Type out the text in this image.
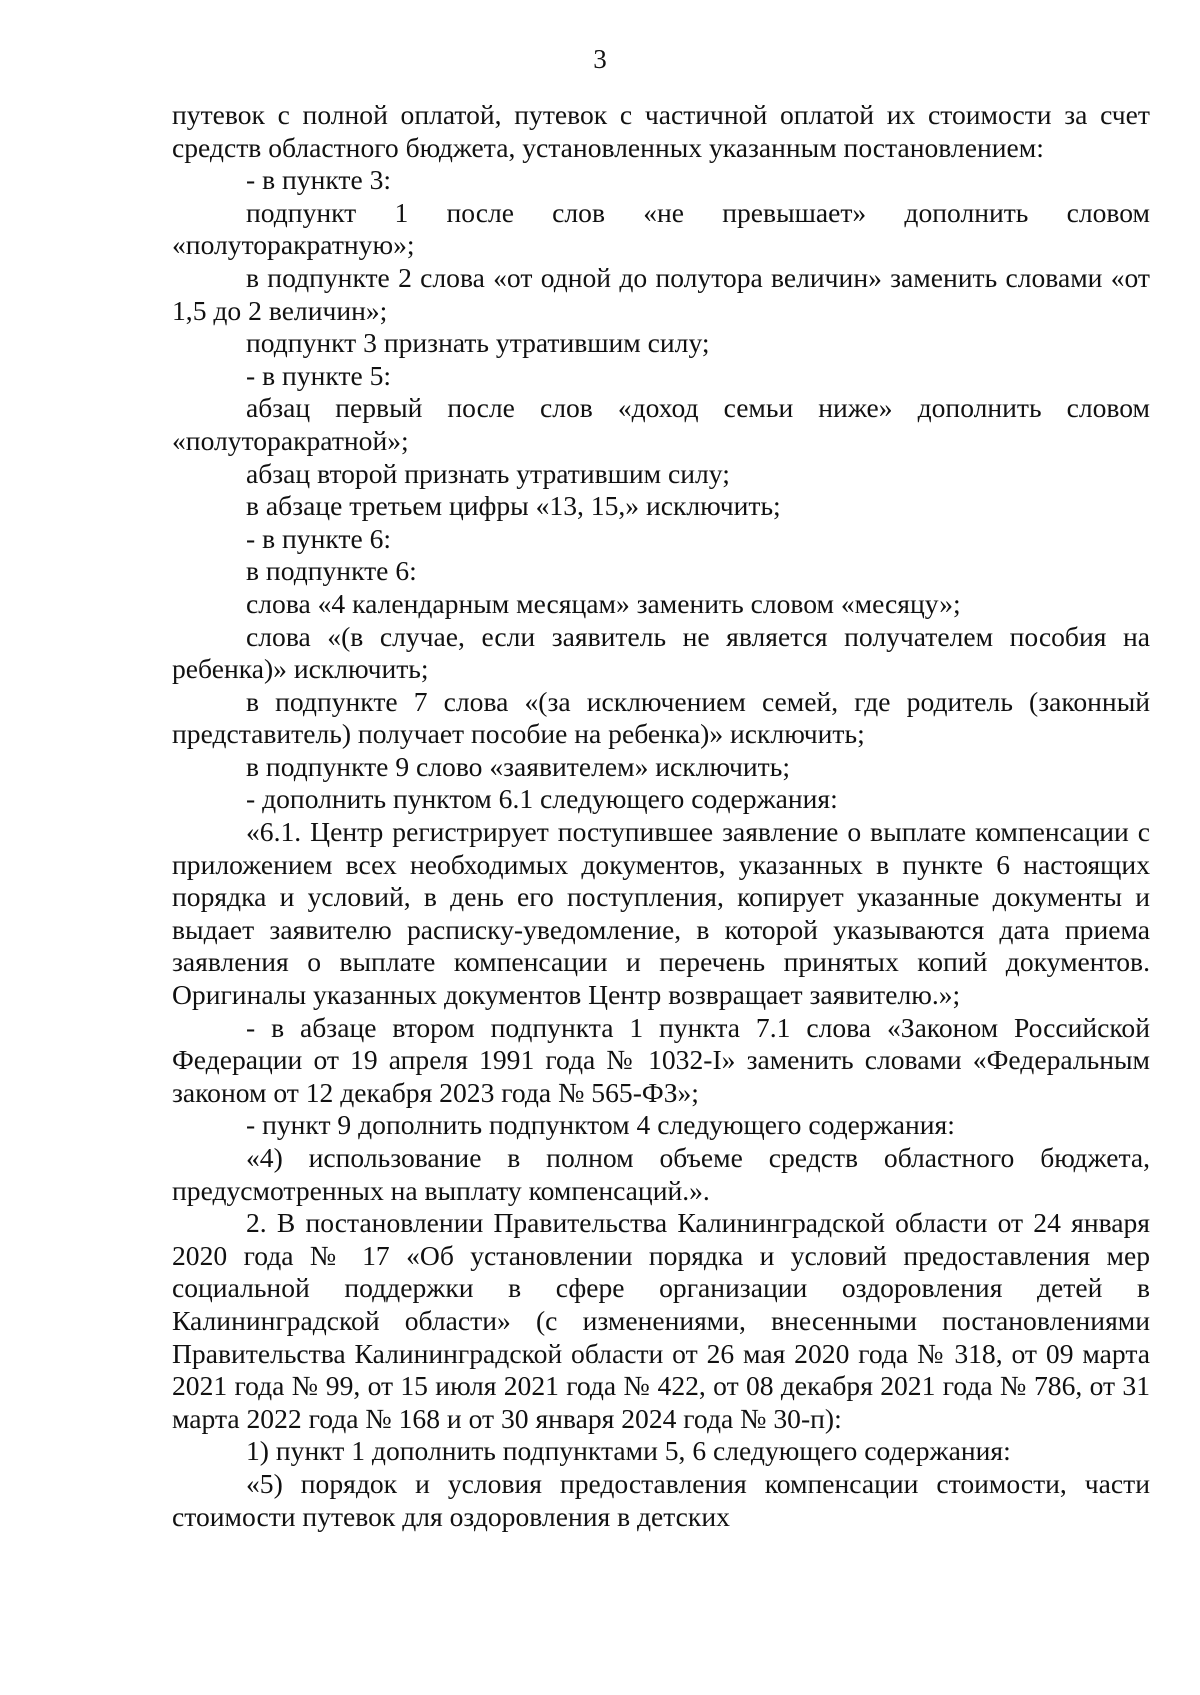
3

путевок с полной оплатой, путевок с частичной оплатой их стоимости за счет средств областного бюджета, установленных указанным постановлением:

- в пункте 3:

подпункт 1 после слов «не превышает» дополнить словом «полуторакратную»;

в подпункте 2 слова «от одной до полутора величин» заменить словами «от 1,5 до 2 величин»;

подпункт 3 признать утратившим силу;

- в пункте 5:

абзац первый после слов «доход семьи ниже» дополнить словом «полуторакратной»;

абзац второй признать утратившим силу;

в абзаце третьем цифры «13, 15,» исключить;

- в пункте 6:

в подпункте 6:

слова «4 календарным месяцам» заменить словом «месяцу»;

слова «(в случае, если заявитель не является получателем пособия на ребенка)» исключить;

в подпункте 7 слова «(за исключением семей, где родитель (законный представитель) получает пособие на ребенка)» исключить;

в подпункте 9 слово «заявителем» исключить;

- дополнить пунктом 6.1 следующего содержания:

«6.1. Центр регистрирует поступившее заявление о выплате компенсации с приложением всех необходимых документов, указанных в пункте 6 настоящих порядка и условий, в день его поступления, копирует указанные документы и выдает заявителю расписку-уведомление, в которой указываются дата приема заявления о выплате компенсации и перечень принятых копий документов. Оригиналы указанных документов Центр возвращает заявителю.»;

- в абзаце втором подпункта 1 пункта 7.1 слова «Законом Российской Федерации от 19 апреля 1991 года № 1032-I» заменить словами «Федеральным законом от 12 декабря 2023 года № 565-ФЗ»;

- пункт 9 дополнить подпунктом 4 следующего содержания:

«4) использование в полном объеме средств областного бюджета, предусмотренных на выплату компенсаций.».

2. В постановлении Правительства Калининградской области от 24 января 2020 года № 17 «Об установлении порядка и условий предоставления мер социальной поддержки в сфере организации оздоровления детей в Калининградской области» (с изменениями, внесенными постановлениями Правительства Калининградской области от 26 мая 2020 года № 318, от 09 марта 2021 года № 99, от 15 июля 2021 года № 422, от 08 декабря 2021 года № 786, от 31 марта 2022 года № 168 и от 30 января 2024 года № 30-п):

1) пункт 1 дополнить подпунктами 5, 6 следующего содержания:

«5) порядок и условия предоставления компенсации стоимости, части стоимости путевок для оздоровления в детских
